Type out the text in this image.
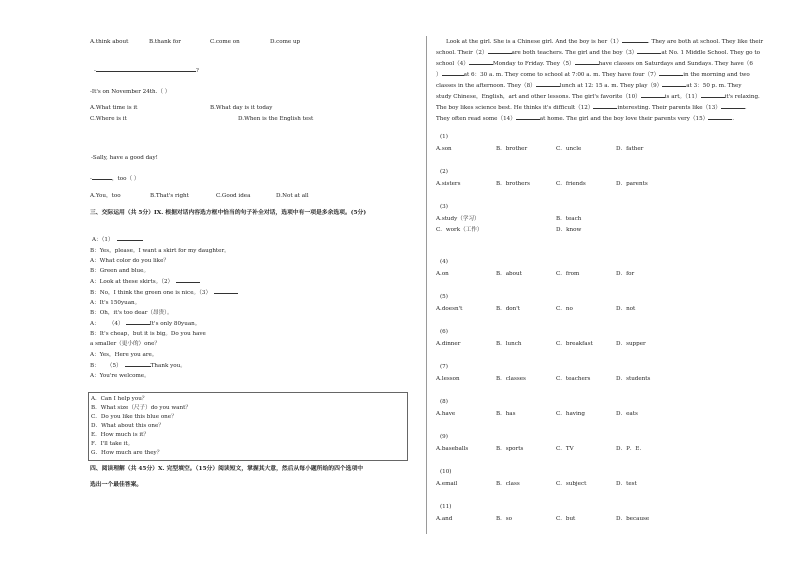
A.think about	B.thank for	C.come on	D.come up
-	?
-It's on November 24th.（ ）
A.What time is it	B.What day is it today
C.Where is it	D.When is the English test
-Sally, have a good day!
-	，too（ ）
A.You，too	B.That's right	C.Good idea	D.Not at all
三、交际运用（共 5分）IX. 根据对话内容选方框中恰当的句子补全对话，选项中有一项是多余选项。(5分)
A：（1）
B：Yes，please。I want a skirt for my daughter。
A：What color do you like？
B：Green and blue。
A：Look at these skirts。（2）
B：No，I think the green one is nice。（3）
A：It's 150yuan。
B：Oh，it's too dear（昂贵）。
A： （4）	It's only 80yuan。
B：It's cheap，but it is big。Do you have
a smaller（更小的）one？
A：Yes，Here you are。
B： （5）	Thank you。
A：You're welcome。
A．Can I help you？
B．What size（尺子）do you want？
C．Do you like this blue one？
D．What about this one？
E．How much is it？
F．I'll take it。
G．How much are they？
四、阅读理解（共 45分）X. 完型填空。（15分）阅读短文，掌握其大意，然后从每小题所给的四个选项中
选出一个最佳答案。
Look at the girl. She is a Chinese girl. And the boy is her（1）	. They are both at school. They like their
school. Their（2）	are both teachers. The girl and the boy（3）	at No. 1 Middle School. They go to
school（4）	Monday to Friday. They（5）	have classes on Saturdays and Sundays. They have（6
）	at 6：30 a. m. They come to school at 7:00 a. m. They have four（7）	in the morning and two
classes in the afternoon. They（8）	lunch at 12: 15 a. m. They play（9）	at 3：50 p. m. They
study Chinese，English，art and other lessons. The girl's favorite（10）	is art。（11）	it's relaxing.
The boy likes science best. He thinks it's difficult（12）	interesting. Their parents like（13）	.
They often read some（14）	at home. The girl and the boy love their parents very（15）	.
(1)
A.son	B．brother	C．uncle	D．father
(2)
A.sisters	B．brothers	C．friends	D．parents
(3)
A.study（学习）	B．teach
C．work（工作）	D．know
(4)
A.on	B．about	C．from	D．for
(5)
A.doesn't	B．don't	C．no	D．not
(6)
A.dinner	B．lunch	C．breakfast	D．supper
(7)
A.lesson	B．classes	C．teachers	D．students
(8)
A.have	B．has	C．having	D．eats
(9)
A.baseballs	B．sports	C．TV	D．P．E．
(10)
A.email	B．class	C．subject	D．test
(11)
A.and	B．so	C．but	D．because
